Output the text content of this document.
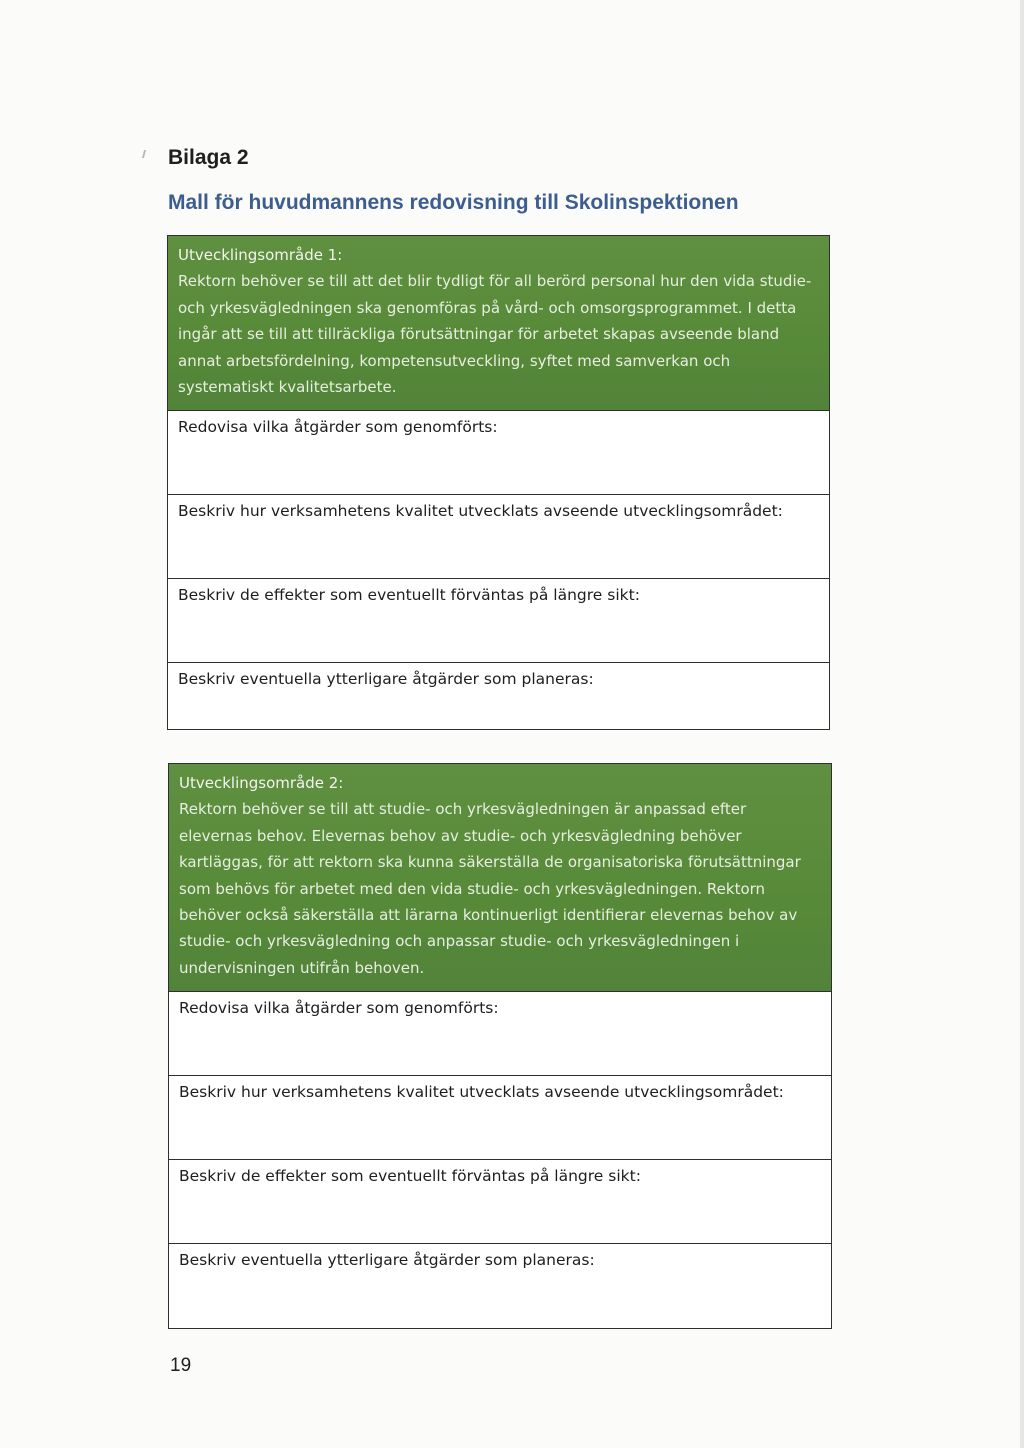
Bilaga 2
Mall för huvudmannens redovisning till Skolinspektionen
Utvecklingsområde 1:
Rektorn behöver se till att det blir tydligt för all berörd personal hur den vida studie- och yrkesvägledningen ska genomföras på vård- och omsorgsprogrammet. I detta ingår att se till att tillräckliga förutsättningar för arbetet skapas avseende bland annat arbetsfördelning, kompetensutveckling, syftet med samverkan och systematiskt kvalitetsarbete.
Redovisa vilka åtgärder som genomförts:
Beskriv hur verksamhetens kvalitet utvecklats avseende utvecklingsområdet:
Beskriv de effekter som eventuellt förväntas på längre sikt:
Beskriv eventuella ytterligare åtgärder som planeras:
Utvecklingsområde 2:
Rektorn behöver se till att studie- och yrkesvägledningen är anpassad efter elevernas behov. Elevernas behov av studie- och yrkesvägledning behöver kartläggas, för att rektorn ska kunna säkerställa de organisatoriska förutsättningar som behövs för arbetet med den vida studie- och yrkesvägledningen. Rektorn behöver också säkerställa att lärarna kontinuerligt identifierar elevernas behov av studie- och yrkesvägledning och anpassar studie- och yrkesvägledningen i undervisningen utifrån behoven.
Redovisa vilka åtgärder som genomförts:
Beskriv hur verksamhetens kvalitet utvecklats avseende utvecklingsområdet:
Beskriv de effekter som eventuellt förväntas på längre sikt:
Beskriv eventuella ytterligare åtgärder som planeras:
19
